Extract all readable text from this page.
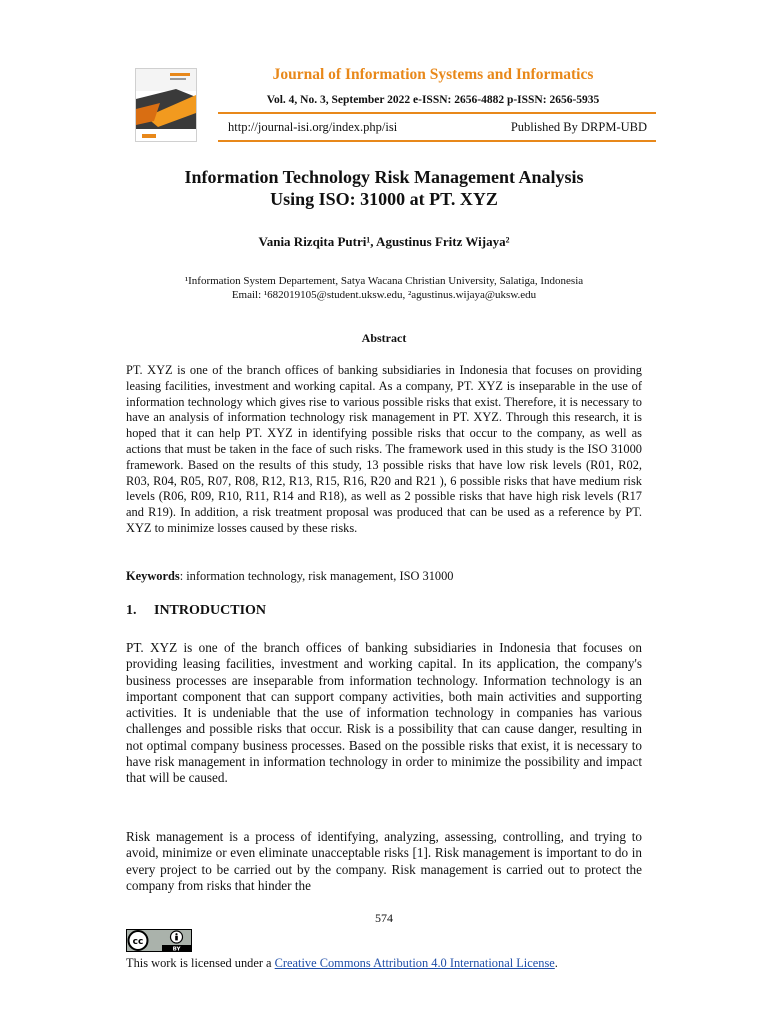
Journal of Information Systems and Informatics
Vol. 4, No. 3, September 2022 e-ISSN: 2656-4882 p-ISSN: 2656-5935
http://journal-isi.org/index.php/isi	Published By DRPM-UBD
Information Technology Risk Management Analysis
Using ISO: 31000 at PT. XYZ
Vania Rizqita Putri¹, Agustinus Fritz Wijaya²
¹Information System Departement, Satya Wacana Christian University, Salatiga, Indonesia
Email: ¹682019105@student.uksw.edu, ²agustinus.wijaya@uksw.edu
Abstract

PT. XYZ is one of the branch offices of banking subsidiaries in Indonesia that focuses on providing leasing facilities, investment and working capital. As a company, PT. XYZ is inseparable in the use of information technology which gives rise to various possible risks that exist. Therefore, it is necessary to have an analysis of information technology risk management in PT. XYZ. Through this research, it is hoped that it can help PT. XYZ in identifying possible risks that occur to the company, as well as actions that must be taken in the face of such risks. The framework used in this study is the ISO 31000 framework. Based on the results of this study, 13 possible risks that have low risk levels (R01, R02, R03, R04, R05, R07, R08, R12, R13, R15, R16, R20 and R21 ), 6 possible risks that have medium risk levels (R06, R09, R10, R11, R14 and R18), as well as 2 possible risks that have high risk levels (R17 and R19). In addition, a risk treatment proposal was produced that can be used as a reference by PT. XYZ to minimize losses caused by these risks.

Keywords: information technology, risk management, ISO 31000
1. INTRODUCTION

PT. XYZ is one of the branch offices of banking subsidiaries in Indonesia that focuses on providing leasing facilities, investment and working capital. In its application, the company's business processes are inseparable from information technology. Information technology is an important component that can support company activities, both main activities and supporting activities. It is undeniable that the use of information technology in companies has various challenges and possible risks that occur. Risk is a possibility that can cause danger, resulting in not optimal company business processes. Based on the possible risks that exist, it is necessary to have risk management in information technology in order to minimize the possibility and impact that will be caused.

Risk management is a process of identifying, analyzing, assessing, controlling, and trying to avoid, minimize or even eliminate unacceptable risks [1]. Risk management is important to do in every project to be carried out by the company. Risk management is carried out to protect the company from risks that hinder the

574
BY
cc
This work is licensed under a Creative Commons Attribution 4.0 International License.
